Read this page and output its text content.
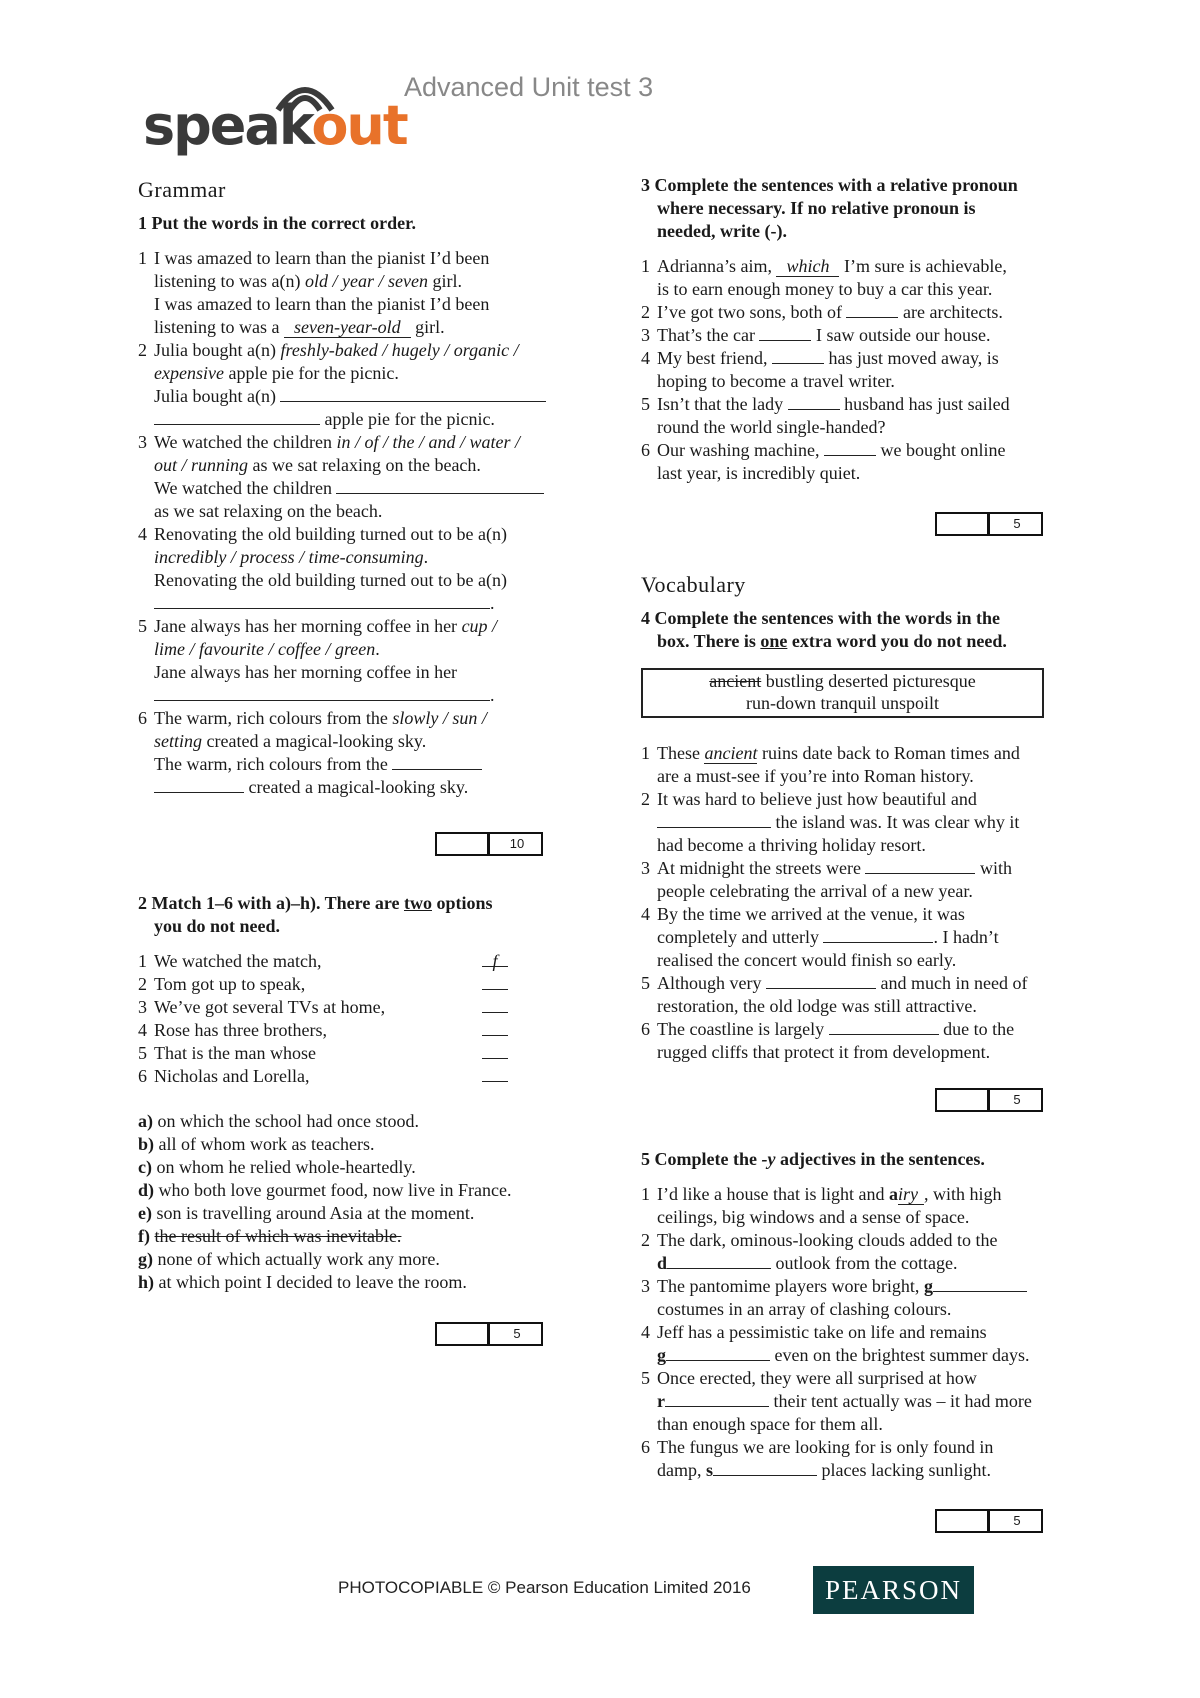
speakout
Advanced Unit test 3
Grammar
1 Put the words in the correct order.
1 I was amazed to learn than the pianist I’d been
listening to was a(n) old / year / seven girl.
I was amazed to learn than the pianist I’d been
listening to was a seven-year-old girl.
2 Julia bought a(n) freshly-baked / hugely / organic /
expensive apple pie for the picnic.
Julia bought a(n)
apple pie for the picnic.
3 We watched the children in / of / the / and / water /
out / running as we sat relaxing on the beach.
We watched the children
as we sat relaxing on the beach.
4 Renovating the old building turned out to be a(n)
incredibly / process / time-consuming.
Renovating the old building turned out to be a(n)
.
5 Jane always has her morning coffee in her cup /
lime / favourite / coffee / green.
Jane always has her morning coffee in her
.
6 The warm, rich colours from the slowly / sun /
setting created a magical-looking sky.
The warm, rich colours from the
created a magical-looking sky.
10
2 Match 1–6 with a)–h). There are two options
you do not need.
1 We watched the match,	f
2 Tom got up to speak,
3 We’ve got several TVs at home,
4 Rose has three brothers,
5 That is the man whose
6 Nicholas and Lorella,
a) on which the school had once stood.
b) all of whom work as teachers.
c) on whom he relied whole-heartedly.
d) who both love gourmet food, now live in France.
e) son is travelling around Asia at the moment.
f) the result of which was inevitable.
g) none of which actually work any more.
h) at which point I decided to leave the room.
5
3 Complete the sentences with a relative pronoun
where necessary. If no relative pronoun is
needed, write (-).
1 Adrianna’s aim, which I’m sure is achievable,
is to earn enough money to buy a car this year.
2 I’ve got two sons, both of	are architects.
3 That’s the car	I saw outside our house.
4 My best friend,	has just moved away, is
hoping to become a travel writer.
5 Isn’t that the lady	husband has just sailed
round the world single-handed?
6 Our washing machine,	we bought online
last year, is incredibly quiet.
5
Vocabulary
4 Complete the sentences with the words in the
box. There is one extra word you do not need.
ancient bustling deserted picturesque
run-down tranquil unspoilt
1 These ancient ruins date back to Roman times and
are a must-see if you’re into Roman history.
2 It was hard to believe just how beautiful and
the island was. It was clear why it
had become a thriving holiday resort.
3 At midnight the streets were	with
people celebrating the arrival of a new year.
4 By the time we arrived at the venue, it was
completely and utterly	. I hadn’t
realised the concert would finish so early.
5 Although very	and much in need of
restoration, the old lodge was still attractive.
6 The coastline is largely	due to the
rugged cliffs that protect it from development.
5
5 Complete the -y adjectives in the sentences.
1 I’d like a house that is light and airy , with high
ceilings, big windows and a sense of space.
2 The dark, ominous-looking clouds added to the
d	outlook from the cottage.
3 The pantomime players wore bright, g
costumes in an array of clashing colours.
4 Jeff has a pessimistic take on life and remains
g	even on the brightest summer days.
5 Once erected, they were all surprised at how
r	their tent actually was – it had more
than enough space for them all.
6 The fungus we are looking for is only found in
damp, s	places lacking sunlight.
5
PHOTOCOPIABLE © Pearson Education Limited 2016	PEARSON
